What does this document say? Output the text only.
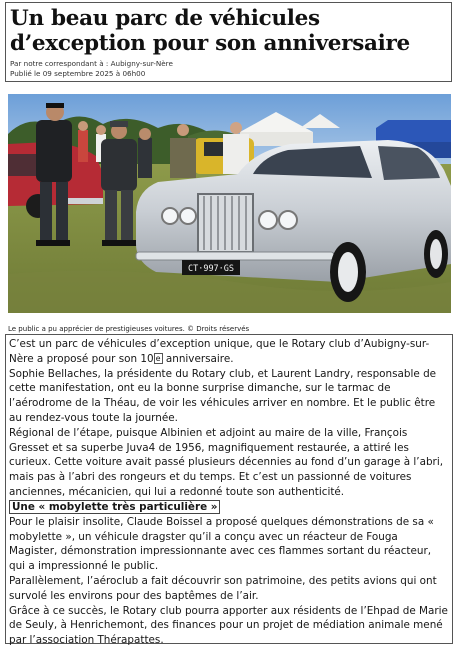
Un beau parc de véhicules d’exception pour son anniversaire

Par notre correspondant à : Aubigny-sur-Nère

Publié le 09 septembre 2025 à 06h00

CT·997·GS
Le public a pu apprécier de prestigieuses voitures. © Droits réservés

C’est un parc de véhicules d’exception unique, que le Rotary club d’Aubigny-sur-Nère a proposé pour son 10 e anniversaire.

Sophie Bellaches, la présidente du Rotary club, et Laurent Landry, responsable de cette manifestation, ont eu la bonne surprise dimanche, sur le tarmac de l’aérodrome de la Théau, de voir les véhicules arriver en nombre. Et le public être au rendez-vous toute la journée.

Régional de l’étape, puisque Albinien et adjoint au maire de la ville, François Gresset et sa superbe Juva4 de 1956, magnifiquement restaurée, a attiré les curieux. Cette voiture avait passé plusieurs décennies au fond d’un garage à l’abri, mais pas à l’abri des rongeurs et du temps. Et c’est un passionné de voitures anciennes, mécanicien, qui lui a redonné toute son authenticité.

Une « mobylette très particulière »

Pour le plaisir insolite, Claude Boissel a proposé quelques démonstrations de sa « mobylette », un véhicule dragster qu’il a conçu avec un réacteur de Fouga Magister, démonstration impressionnante avec ces flammes sortant du réacteur, qui a impressionné le public.

Parallèlement, l’aéroclub a fait découvrir son patrimoine, des petits avions qui ont survolé les environs pour des baptêmes de l’air.

Grâce à ce succès, le Rotary club pourra apporter aux résidents de l’Ehpad de Marie de Seuly, à Henrichemont, des finances pour un projet de médiation animale mené par l’association Thérapattes.
